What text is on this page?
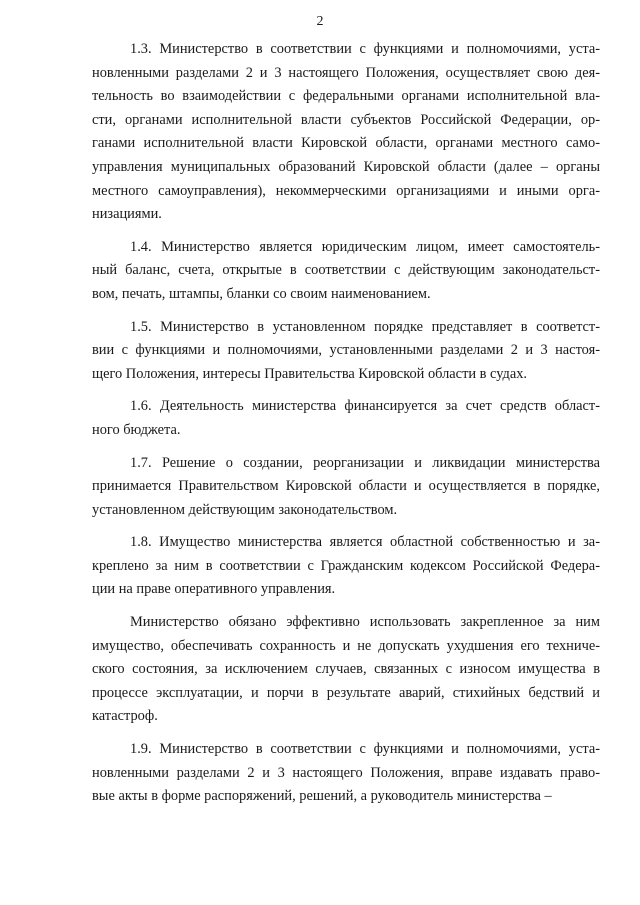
2
1.3. Министерство в соответствии с функциями и полномочиями, уста-
новленными разделами 2 и 3 настоящего Положения, осуществляет свою дея-
тельность во взаимодействии с федеральными органами исполнительной вла-
сти, органами исполнительной власти субъектов Российской Федерации, ор-
ганами исполнительной власти Кировской области, органами местного само-
управления муниципальных образований Кировской области (далее – органы
местного самоуправления), некоммерческими организациями и иными орга-
низациями.
1.4. Министерство является юридическим лицом, имеет самостоятель-
ный баланс, счета, открытые в соответствии с действующим законодательст-
вом, печать, штампы, бланки со своим наименованием.
1.5. Министерство в установленном порядке представляет в соответст-
вии с функциями и полномочиями, установленными разделами 2 и 3 настоя-
щего Положения, интересы Правительства Кировской области в судах.
1.6. Деятельность министерства финансируется за счет средств област-
ного бюджета.
1.7. Решение о создании, реорганизации и ликвидации министерства
принимается Правительством Кировской области и осуществляется в порядке,
установленном действующим законодательством.
1.8. Имущество министерства является областной собственностью и за-
креплено за ним в соответствии с Гражданским кодексом Российской Федера-
ции на праве оперативного управления.
Министерство обязано эффективно использовать закрепленное за ним
имущество, обеспечивать сохранность и не допускать ухудшения его техниче-
ского состояния, за исключением случаев, связанных с износом имущества в
процессе эксплуатации, и порчи в результате аварий, стихийных бедствий и
катастроф.
1.9. Министерство в соответствии с функциями и полномочиями, уста-
новленными разделами 2 и 3 настоящего Положения, вправе издавать право-
вые акты в форме распоряжений, решений, а руководитель министерства –
